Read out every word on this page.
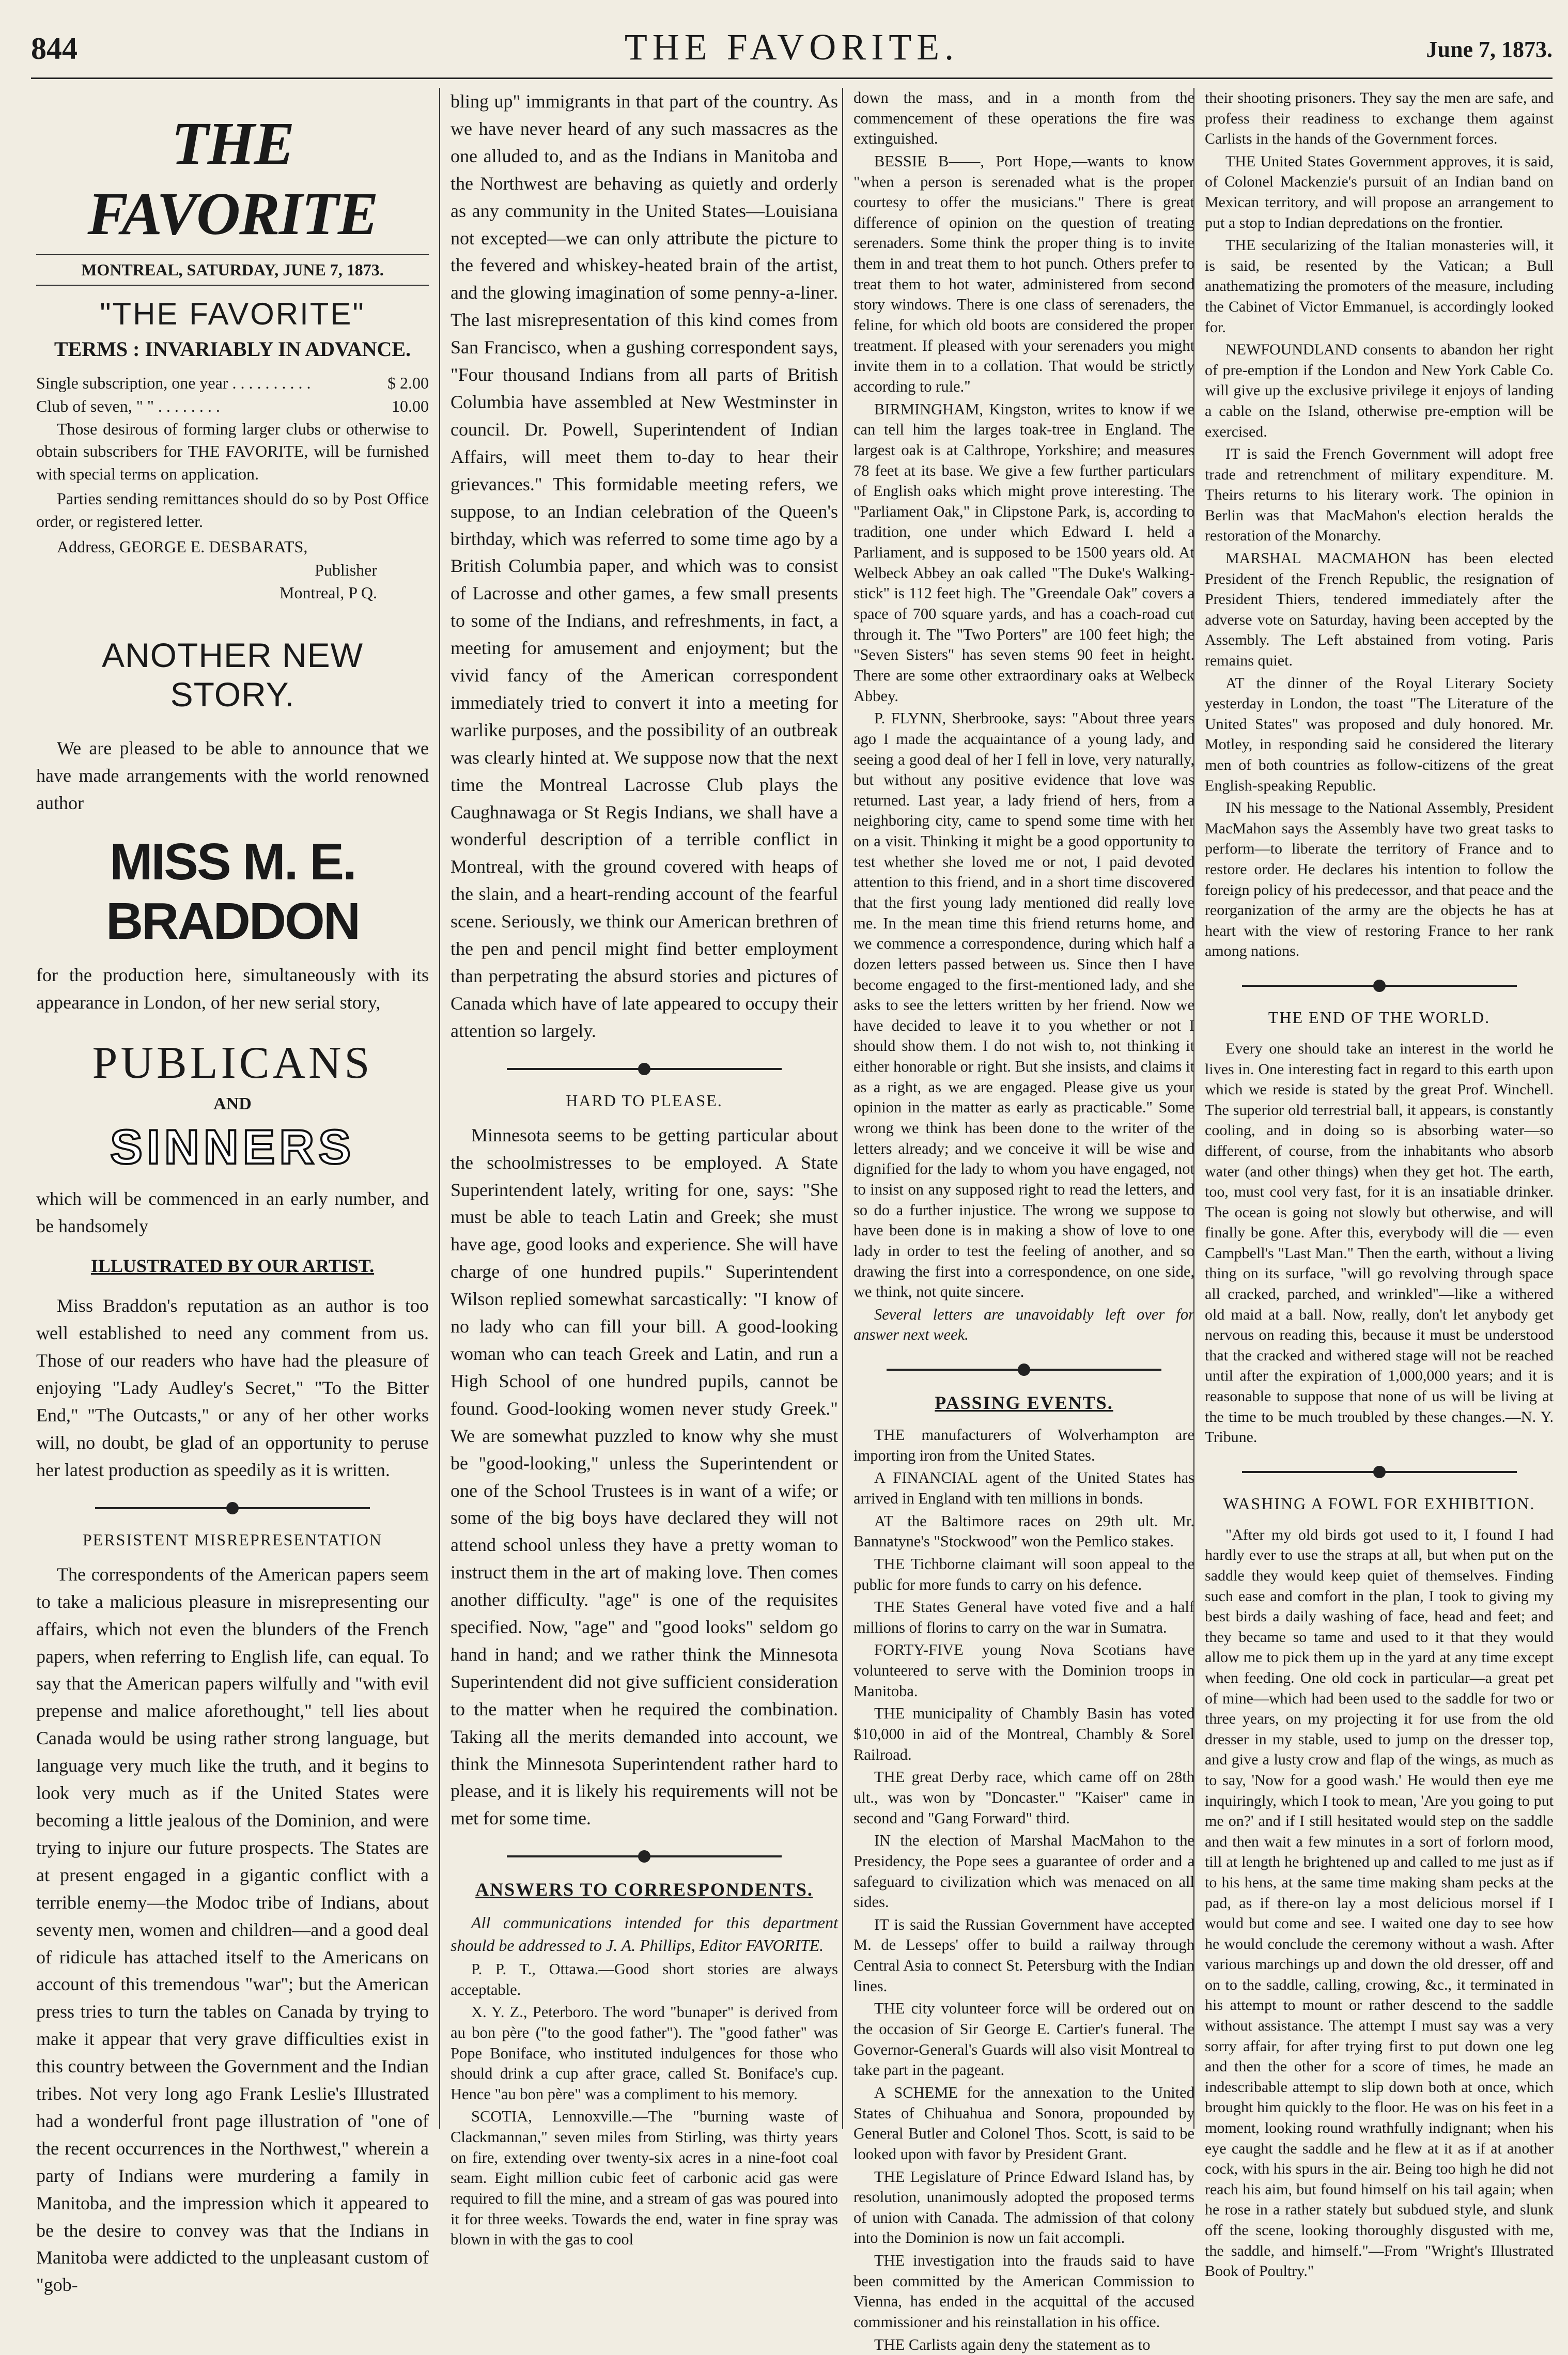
844	THE FAVORITE.	June 7, 1873.
THE FAVORITE
MONTREAL, SATURDAY, JUNE 7, 1873.
"THE FAVORITE"
TERMS : INVARIABLY IN ADVANCE.
Single subscription, one year . . . . . . . . . .	$ 2.00
Club of seven, " " . . . . . . . .	10.00

Those desirous of forming larger clubs or otherwise to obtain subscribers for THE FAVORITE, will be furnished with special terms on application.

Parties sending remittances should do so by Post Office order, or registered letter.

Address, GEORGE E. DESBARATS,
Publisher
Montreal, P Q.
ANOTHER NEW STORY.

We are pleased to be able to announce that we have made arrangements with the world renowned author

MISS M. E. BRADDON

for the production here, simultaneously with its appearance in London, of her new serial story,

PUBLICANS
AND
SINNERS

which will be commenced in an early number, and be handsomely

ILLUSTRATED BY OUR ARTIST.

Miss Braddon's reputation as an author is too well established to need any comment from us. Those of our readers who have had the pleasure of enjoying "Lady Audley's Secret," "To the Bitter End," "The Outcasts," or any of her other works will, no doubt, be glad of an opportunity to peruse her latest production as speedily as it is written.

PERSISTENT MISREPRESENTATION

The correspondents of the American papers seem to take a malicious pleasure in misrepresenting our affairs, which not even the blunders of the French papers, when referring to English life, can equal. To say that the American papers wilfully and "with evil prepense and malice aforethought," tell lies about Canada would be using rather strong language, but language very much like the truth, and it begins to look very much as if the United States were becoming a little jealous of the Dominion, and were trying to injure our future prospects. The States are at present engaged in a gigantic conflict with a terrible enemy—the Modoc tribe of Indians, about seventy men, women and children—and a good deal of ridicule has attached itself to the Americans on account of this tremendous "war"; but the American press tries to turn the tables on Canada by trying to make it appear that very grave difficulties exist in this country between the Government and the Indian tribes. Not very long ago Frank Leslie's Illustrated had a wonderful front page illustration of "one of the recent occurrences in the Northwest," wherein a party of Indians were murdering a family in Manitoba, and the impression which it appeared to be the desire to convey was that the Indians in Manitoba were addicted to the unpleasant custom of "gob-

bling up" immigrants in that part of the country. As we have never heard of any such massacres as the one alluded to, and as the Indians in Manitoba and the Northwest are behaving as quietly and orderly as any community in the United States—Louisiana not excepted—we can only attribute the picture to the fevered and whiskey-heated brain of the artist, and the glowing imagination of some penny-a-liner. The last misrepresentation of this kind comes from San Francisco, when a gushing correspondent says, "Four thousand Indians from all parts of British Columbia have assembled at New Westminster in council. Dr. Powell, Superintendent of Indian Affairs, will meet them to-day to hear their grievances." This formidable meeting refers, we suppose, to an Indian celebration of the Queen's birthday, which was referred to some time ago by a British Columbia paper, and which was to consist of Lacrosse and other games, a few small presents to some of the Indians, and refreshments, in fact, a meeting for amusement and enjoyment; but the vivid fancy of the American correspondent immediately tried to convert it into a meeting for warlike purposes, and the possibility of an outbreak was clearly hinted at. We suppose now that the next time the Montreal Lacrosse Club plays the Caughnawaga or St Regis Indians, we shall have a wonderful description of a terrible conflict in Montreal, with the ground covered with heaps of the slain, and a heart-rending account of the fearful scene. Seriously, we think our American brethren of the pen and pencil might find better employment than perpetrating the absurd stories and pictures of Canada which have of late appeared to occupy their attention so largely.

HARD TO PLEASE.

Minnesota seems to be getting particular about the schoolmistresses to be employed. A State Superintendent lately, writing for one, says: "She must be able to teach Latin and Greek; she must have age, good looks and experience. She will have charge of one hundred pupils." Superintendent Wilson replied somewhat sarcastically: "I know of no lady who can fill your bill. A good-looking woman who can teach Greek and Latin, and run a High School of one hundred pupils, cannot be found. Good-looking women never study Greek." We are somewhat puzzled to know why she must be "good-looking," unless the Superintendent or one of the School Trustees is in want of a wife; or some of the big boys have declared they will not attend school unless they have a pretty woman to instruct them in the art of making love. Then comes another difficulty. "age" is one of the requisites specified. Now, "age" and "good looks" seldom go hand in hand; and we rather think the Minnesota Superintendent did not give sufficient consideration to the matter when he required the combination. Taking all the merits demanded into account, we think the Minnesota Superintendent rather hard to please, and it is likely his requirements will not be met for some time.

ANSWERS TO CORRESPONDENTS.

All communications intended for this department should be addressed to J. A. Phillips, Editor FAVORITE.

P. P. T., Ottawa.—Good short stories are always acceptable.

X. Y. Z., Peterboro. The word "bunaper" is derived from au bon père ("to the good father"). The "good father" was Pope Boniface, who instituted indulgences for those who should drink a cup after grace, called St. Boniface's cup. Hence "au bon père" was a compliment to his memory.

SCOTIA, Lennoxville.—The "burning waste of Clackmannan," seven miles from Stirling, was thirty years on fire, extending over twenty-six acres in a nine-foot coal seam. Eight million cubic feet of carbonic acid gas were required to fill the mine, and a stream of gas was poured into it for three weeks. Towards the end, water in fine spray was blown in with the gas to cool

down the mass, and in a month from the commencement of these operations the fire was extinguished.

BESSIE B——, Port Hope,—wants to know "when a person is serenaded what is the proper courtesy to offer the musicians." There is great difference of opinion on the question of treating serenaders. Some think the proper thing is to invite them in and treat them to hot punch. Others prefer to treat them to hot water, administered from second story windows. There is one class of serenaders, the feline, for which old boots are considered the proper treatment. If pleased with your serenaders you might invite them in to a collation. That would be strictly according to rule."

BIRMINGHAM, Kingston, writes to know if we can tell him the larges toak-tree in England. The largest oak is at Calthrope, Yorkshire; and measures 78 feet at its base. We give a few further particulars of English oaks which might prove interesting. The "Parliament Oak," in Clipstone Park, is, according to tradition, one under which Edward I. held a Parliament, and is supposed to be 1500 years old. At Welbeck Abbey an oak called "The Duke's Walking-stick" is 112 feet high. The "Greendale Oak" covers a space of 700 square yards, and has a coach-road cut through it. The "Two Porters" are 100 feet high; the "Seven Sisters" has seven stems 90 feet in height. There are some other extraordinary oaks at Welbeck Abbey.

P. FLYNN, Sherbrooke, says: "About three years ago I made the acquaintance of a young lady, and seeing a good deal of her I fell in love, very naturally, but without any positive evidence that love was returned. Last year, a lady friend of hers, from a neighboring city, came to spend some time with her on a visit. Thinking it might be a good opportunity to test whether she loved me or not, I paid devoted attention to this friend, and in a short time discovered that the first young lady mentioned did really love me. In the mean time this friend returns home, and we commence a correspondence, during which half a dozen letters passed between us. Since then I have become engaged to the first-mentioned lady, and she asks to see the letters written by her friend. Now we have decided to leave it to you whether or not I should show them. I do not wish to, not thinking it either honorable or right. But she insists, and claims it as a right, as we are engaged. Please give us your opinion in the matter as early as practicable." Some wrong we think has been done to the writer of the letters already; and we conceive it will be wise and dignified for the lady to whom you have engaged, not to insist on any supposed right to read the letters, and so do a further injustice. The wrong we suppose to have been done is in making a show of love to one lady in order to test the feeling of another, and so drawing the first into a correspondence, on one side, we think, not quite sincere.

Several letters are unavoidably left over for answer next week.

PASSING EVENTS.

THE manufacturers of Wolverhampton are importing iron from the United States.

A FINANCIAL agent of the United States has arrived in England with ten millions in bonds.

AT the Baltimore races on 29th ult. Mr. Bannatyne's "Stockwood" won the Pemlico stakes.

THE Tichborne claimant will soon appeal to the public for more funds to carry on his defence.

THE States General have voted five and a half millions of florins to carry on the war in Sumatra.

FORTY-FIVE young Nova Scotians have volunteered to serve with the Dominion troops in Manitoba.

THE municipality of Chambly Basin has voted $10,000 in aid of the Montreal, Chambly & Sorel Railroad.

THE great Derby race, which came off on 28th ult., was won by "Doncaster." "Kaiser" came in second and "Gang Forward" third.

IN the election of Marshal MacMahon to the Presidency, the Pope sees a guarantee of order and a safeguard to civilization which was menaced on all sides.

IT is said the Russian Government have accepted M. de Lesseps' offer to build a railway through Central Asia to connect St. Petersburg with the Indian lines.

THE city volunteer force will be ordered out on the occasion of Sir George E. Cartier's funeral. The Governor-General's Guards will also visit Montreal to take part in the pageant.

A SCHEME for the annexation to the United States of Chihuahua and Sonora, propounded by General Butler and Colonel Thos. Scott, is said to be looked upon with favor by President Grant.

THE Legislature of Prince Edward Island has, by resolution, unanimously adopted the proposed terms of union with Canada. The admission of that colony into the Dominion is now un fait accompli.

THE investigation into the frauds said to have been committed by the American Commission to Vienna, has ended in the acquittal of the accused commissioner and his reinstallation in his office.

THE Carlists again deny the statement as to

their shooting prisoners. They say the men are safe, and profess their readiness to exchange them against Carlists in the hands of the Government forces.

THE United States Government approves, it is said, of Colonel Mackenzie's pursuit of an Indian band on Mexican territory, and will propose an arrangement to put a stop to Indian depredations on the frontier.

THE secularizing of the Italian monasteries will, it is said, be resented by the Vatican; a Bull anathematizing the promoters of the measure, including the Cabinet of Victor Emmanuel, is accordingly looked for.

NEWFOUNDLAND consents to abandon her right of pre-emption if the London and New York Cable Co. will give up the exclusive privilege it enjoys of landing a cable on the Island, otherwise pre-emption will be exercised.

IT is said the French Government will adopt free trade and retrenchment of military expenditure. M. Theirs returns to his literary work. The opinion in Berlin was that MacMahon's election heralds the restoration of the Monarchy.

MARSHAL MACMAHON has been elected President of the French Republic, the resignation of President Thiers, tendered immediately after the adverse vote on Saturday, having been accepted by the Assembly. The Left abstained from voting. Paris remains quiet.

AT the dinner of the Royal Literary Society yesterday in London, the toast "The Literature of the United States" was proposed and duly honored. Mr. Motley, in responding said he considered the literary men of both countries as follow-citizens of the great English-speaking Republic.

IN his message to the National Assembly, President MacMahon says the Assembly have two great tasks to perform—to liberate the territory of France and to restore order. He declares his intention to follow the foreign policy of his predecessor, and that peace and the reorganization of the army are the objects he has at heart with the view of restoring France to her rank among nations.

THE END OF THE WORLD.

Every one should take an interest in the world he lives in. One interesting fact in regard to this earth upon which we reside is stated by the great Prof. Winchell. The superior old terrestrial ball, it appears, is constantly cooling, and in doing so is absorbing water—so different, of course, from the inhabitants who absorb water (and other things) when they get hot. The earth, too, must cool very fast, for it is an insatiable drinker. The ocean is going not slowly but otherwise, and will finally be gone. After this, everybody will die — even Campbell's "Last Man." Then the earth, without a living thing on its surface, "will go revolving through space all cracked, parched, and wrinkled"—like a withered old maid at a ball. Now, really, don't let anybody get nervous on reading this, because it must be understood that the cracked and withered stage will not be reached until after the expiration of 1,000,000 years; and it is reasonable to suppose that none of us will be living at the time to be much troubled by these changes.—N. Y. Tribune.

WASHING A FOWL FOR EXHIBITION.

"After my old birds got used to it, I found I had hardly ever to use the straps at all, but when put on the saddle they would keep quiet of themselves. Finding such ease and comfort in the plan, I took to giving my best birds a daily washing of face, head and feet; and they became so tame and used to it that they would allow me to pick them up in the yard at any time except when feeding. One old cock in particular—a great pet of mine—which had been used to the saddle for two or three years, on my projecting it for use from the old dresser in my stable, used to jump on the dresser top, and give a lusty crow and flap of the wings, as much as to say, 'Now for a good wash.' He would then eye me inquiringly, which I took to mean, 'Are you going to put me on?' and if I still hesitated would step on the saddle and then wait a few minutes in a sort of forlorn mood, till at length he brightened up and called to me just as if to his hens, at the same time making sham pecks at the pad, as if there-on lay a most delicious morsel if I would but come and see. I waited one day to see how he would conclude the ceremony without a wash. After various marchings up and down the old dresser, off and on to the saddle, calling, crowing, &c., it terminated in his attempt to mount or rather descend to the saddle without assistance. The attempt I must say was a very sorry affair, for after trying first to put down one leg and then the other for a score of times, he made an indescribable attempt to slip down both at once, which brought him quickly to the floor. He was on his feet in a moment, looking round wrathfully indignant; when his eye caught the saddle and he flew at it as if at another cock, with his spurs in the air. Being too high he did not reach his aim, but found himself on his tail again; when he rose in a rather stately but subdued style, and slunk off the scene, looking thoroughly disgusted with me, the saddle, and himself."—From "Wright's Illustrated Book of Poultry."
